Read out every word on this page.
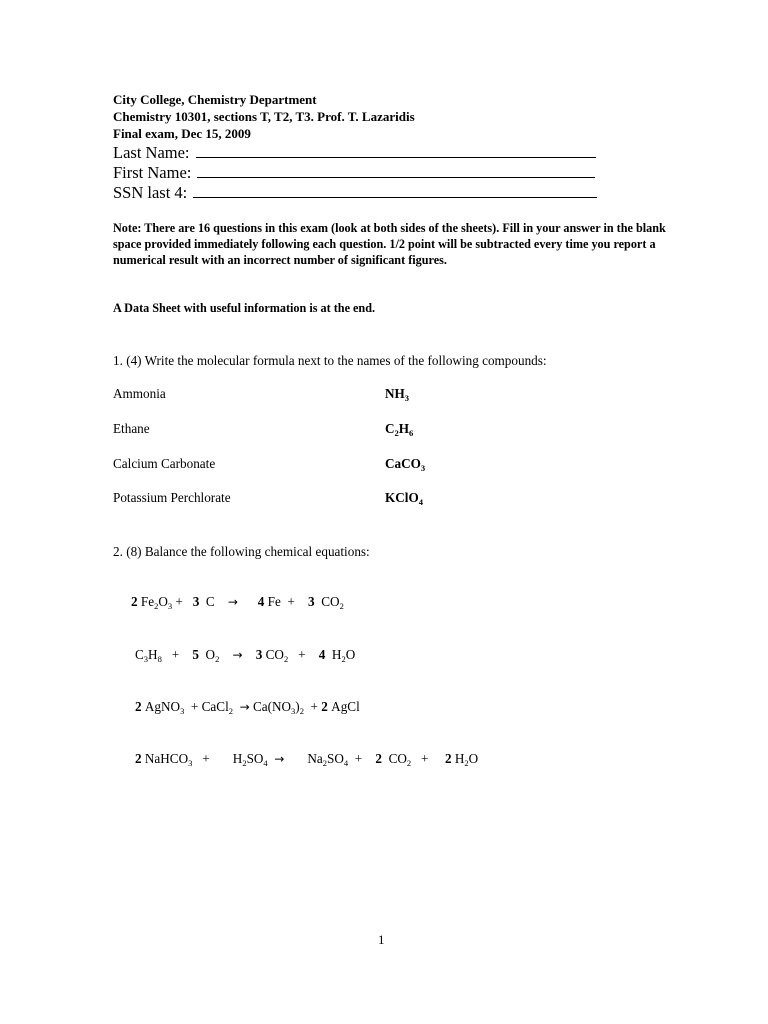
City College, Chemistry Department
Chemistry 10301, sections T, T2, T3. Prof. T. Lazaridis
Final exam, Dec 15, 2009
Last Name:
First Name:
SSN last 4:
Note: There are 16 questions in this exam (look at both sides of the sheets). Fill in your answer in the blank space provided immediately following each question. 1/2 point will be subtracted every time you report a numerical result with an incorrect number of significant figures.
A Data Sheet with useful information is at the end.
1. (4) Write the molecular formula next to the names of the following compounds:
Ammonia	$NH_3$
Ethane	$C_2H_6$
Calcium Carbonate	CaCO$_3$
Potassium Perchlorate	KClO$_4$
2. (8) Balance the following chemical equations:
2 $Fe_2O_3 + 3$ C → 4 Fe + 3 $CO_2$
$C_3H_8 + 5$ $O_2 \to 3$ $CO_2 + 4$ $H_2O$
2 AgNO$_3$ + CaCl$_2$ → $Ca(NO_3)_2 + 2$ AgCl
2 NaHCO$_3$ + $H_2SO_4 \to Na_2SO_4 + 2$ $CO_2 + 2$ $H_2O$
1
